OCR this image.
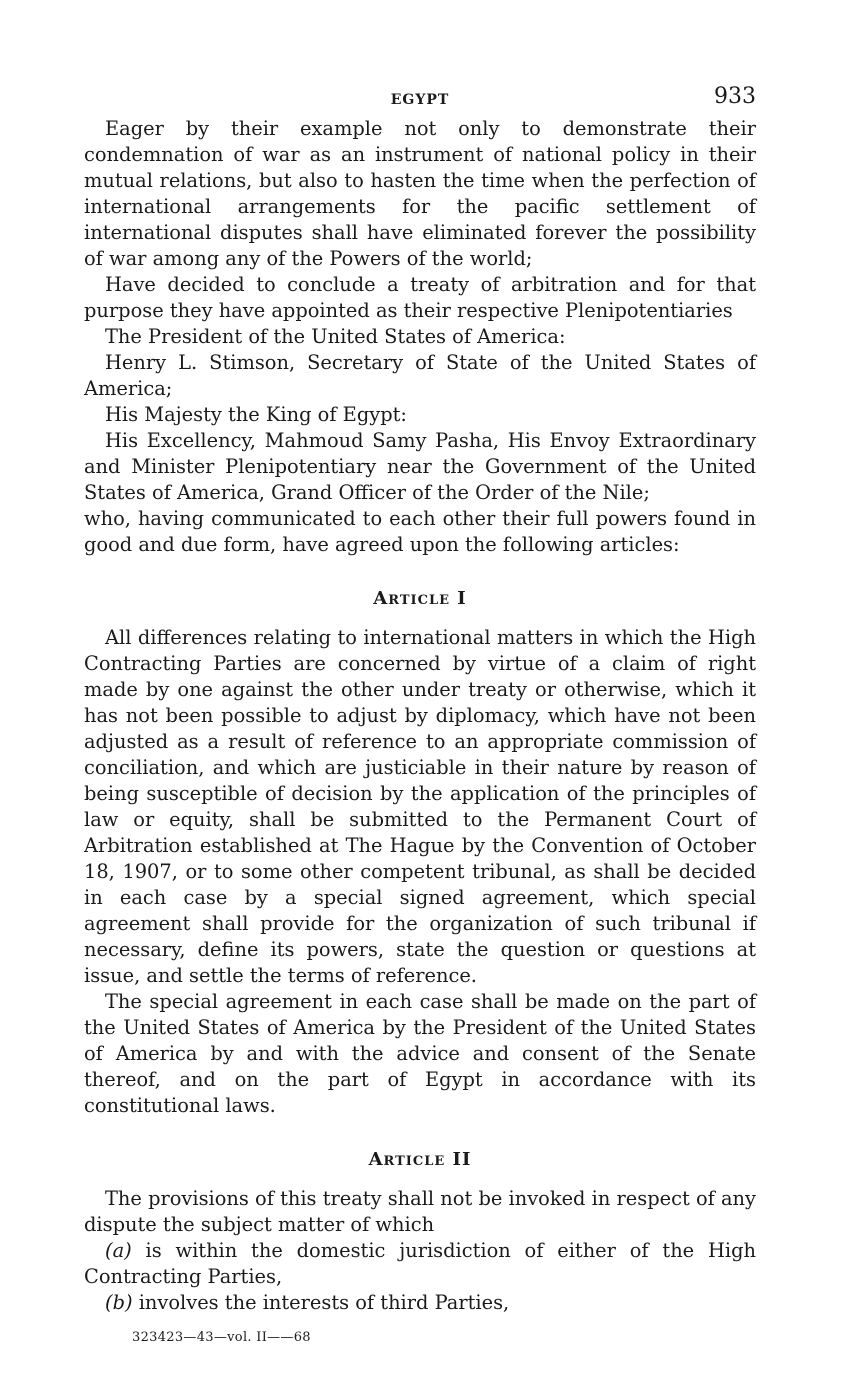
EGYPT	933

Eager by their example not only to demonstrate their condemnation of war as an instrument of national policy in their mutual relations, but also to hasten the time when the perfection of international arrangements for the pacific settlement of international disputes shall have eliminated forever the possibility of war among any of the Powers of the world;

Have decided to conclude a treaty of arbitration and for that purpose they have appointed as their respective Plenipotentiaries

The President of the United States of America:

Henry L. Stimson, Secretary of State of the United States of America;

His Majesty the King of Egypt:

His Excellency, Mahmoud Samy Pasha, His Envoy Extraordinary and Minister Plenipotentiary near the Government of the United States of America, Grand Officer of the Order of the Nile;

who, having communicated to each other their full powers found in good and due form, have agreed upon the following articles:

Article I

All differences relating to international matters in which the High Contracting Parties are concerned by virtue of a claim of right made by one against the other under treaty or otherwise, which it has not been possible to adjust by diplomacy, which have not been adjusted as a result of reference to an appropriate commission of conciliation, and which are justiciable in their nature by reason of being susceptible of decision by the application of the principles of law or equity, shall be submitted to the Permanent Court of Arbitration established at The Hague by the Convention of October 18, 1907, or to some other competent tribunal, as shall be decided in each case by a special signed agreement, which special agreement shall provide for the organization of such tribunal if necessary, define its powers, state the question or questions at issue, and settle the terms of reference.

The special agreement in each case shall be made on the part of the United States of America by the President of the United States of America by and with the advice and consent of the Senate thereof, and on the part of Egypt in accordance with its constitutional laws.

Article II

The provisions of this treaty shall not be invoked in respect of any dispute the subject matter of which

(a) is within the domestic jurisdiction of either of the High Contracting Parties,

(b) involves the interests of third Parties,

323423—43—vol. II——68
